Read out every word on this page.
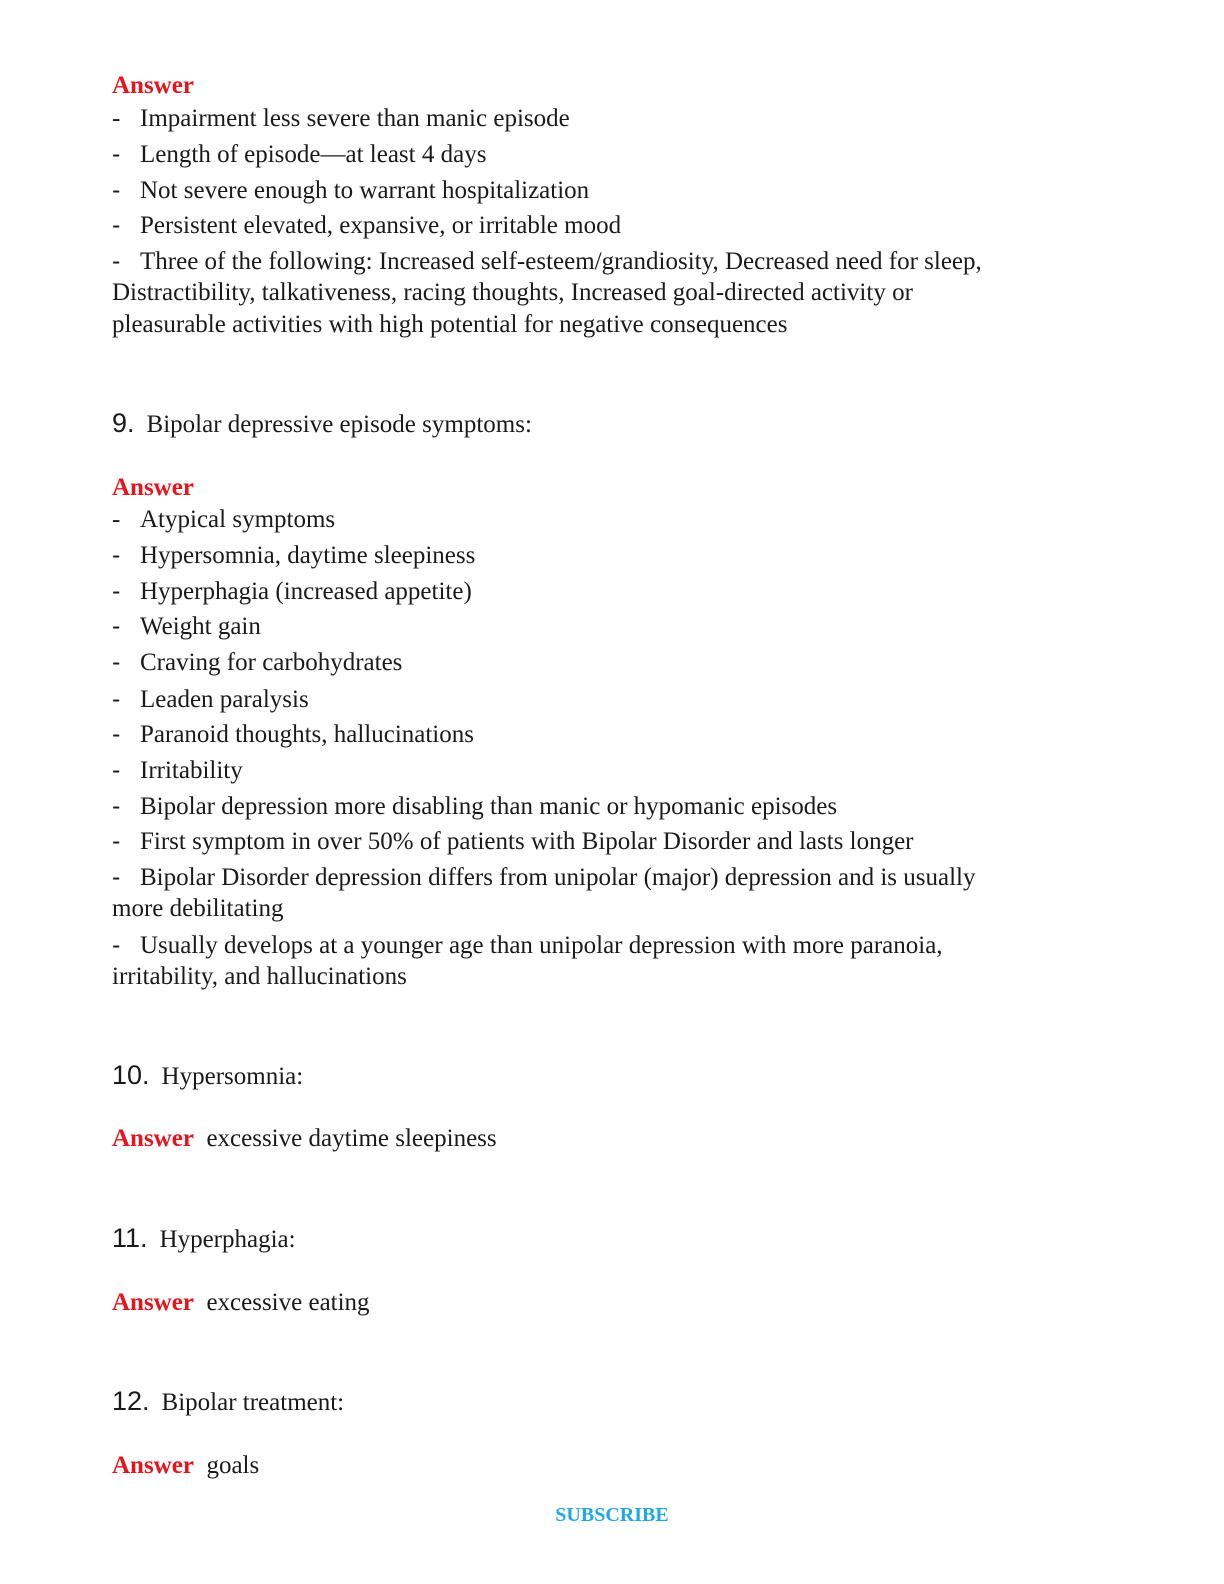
Answer
- Impairment less severe than manic episode
- Length of episode—at least 4 days
- Not severe enough to warrant hospitalization
- Persistent elevated, expansive, or irritable mood
- Three of the following: Increased self-esteem/grandiosity, Decreased need for sleep,
Distractibility, talkativeness, racing thoughts, Increased goal-directed activity or
pleasurable activities with high potential for negative consequences
9. Bipolar depressive episode symptoms:
Answer
- Atypical symptoms
- Hypersomnia, daytime sleepiness
- Hyperphagia (increased appetite)
- Weight gain
- Craving for carbohydrates
- Leaden paralysis
- Paranoid thoughts, hallucinations
- Irritability
- Bipolar depression more disabling than manic or hypomanic episodes
- First symptom in over 50% of patients with Bipolar Disorder and lasts longer
- Bipolar Disorder depression differs from unipolar (major) depression and is usually
more debilitating
- Usually develops at a younger age than unipolar depression with more paranoia,
irritability, and hallucinations
10. Hypersomnia:
Answer excessive daytime sleepiness
11. Hyperphagia:
Answer excessive eating
12. Bipolar treatment:
Answer goals
SUBSCRIBE
